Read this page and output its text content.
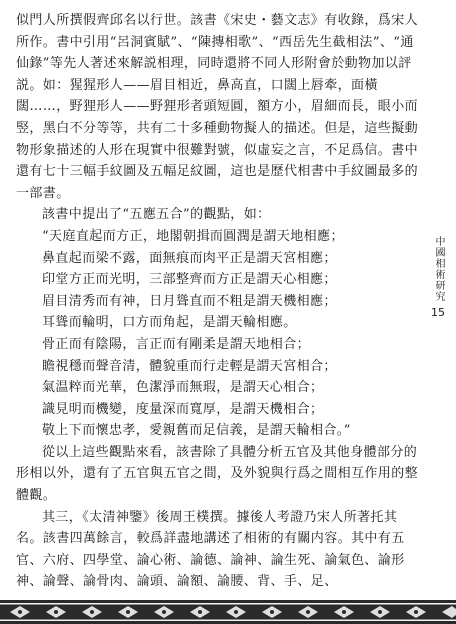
似門人所撰假齊邱名以行世。該書《宋史・藝文志》有收錄，爲宋人所作。書中引用“呂洞賓賦”、“陳摶相歌”、“西岳先生截相法”、“通仙錄”等先人著述來解説相理，同時還將不同人形附會於動物加以評説。如：猩猩形人——眉目相近，鼻高直，口闊上唇牽，面橫闊……，野狸形人——野狸形者頭短圓，額方小，眉細而長，眼小而竪，黑白不分等等，共有二十多種動物擬人的描述。但是，這些擬動物形象描述的人形在現實中很難對號，似虛妄之言，不足爲信。書中還有七十三幅手紋圖及五幅足紋圖，這也是歷代相書中手紋圖最多的一部書。

該書中提出了“五應五合”的觀點，如：

“天庭直起而方正，地閣朝揖而圓潤是謂天地相應；

鼻直起而梁不露，面無痕而肉平正是謂天宮相應；

印堂方正而光明，三部整齊而方正是謂天心相應；

眉目清秀而有神，日月聳直而不粗是謂天機相應；

耳聳而輪明，口方而角起，是謂天輪相應。

骨正而有陰陽，言正而有剛柔是謂天地相合；

瞻視穩而聲音清，體貌重而行走輕是謂天宮相合；

氣温粹而光華，色潔淨而無瑕，是謂天心相合；

識見明而機變，度量深而寬厚，是謂天機相合；

敬上下而懷忠孝，愛親舊而足信義，是謂天輪相合。”

從以上這些觀點來看，該書除了具體分析五官及其他身體部分的形相以外，還有了五官與五官之間，及外貌與行爲之間相互作用的整體觀。

其三，《太清神鑒》後周王樸撰。據後人考證乃宋人所著托其名。該書四萬餘言，較爲詳盡地講述了相術的有關内容。其中有五官、六府、四學堂、論心術、論德、論神、論生死、論氣色、論形神、論聲、論骨肉、論頭、論額、論腰、背、手、足、

中國相術研究
15
